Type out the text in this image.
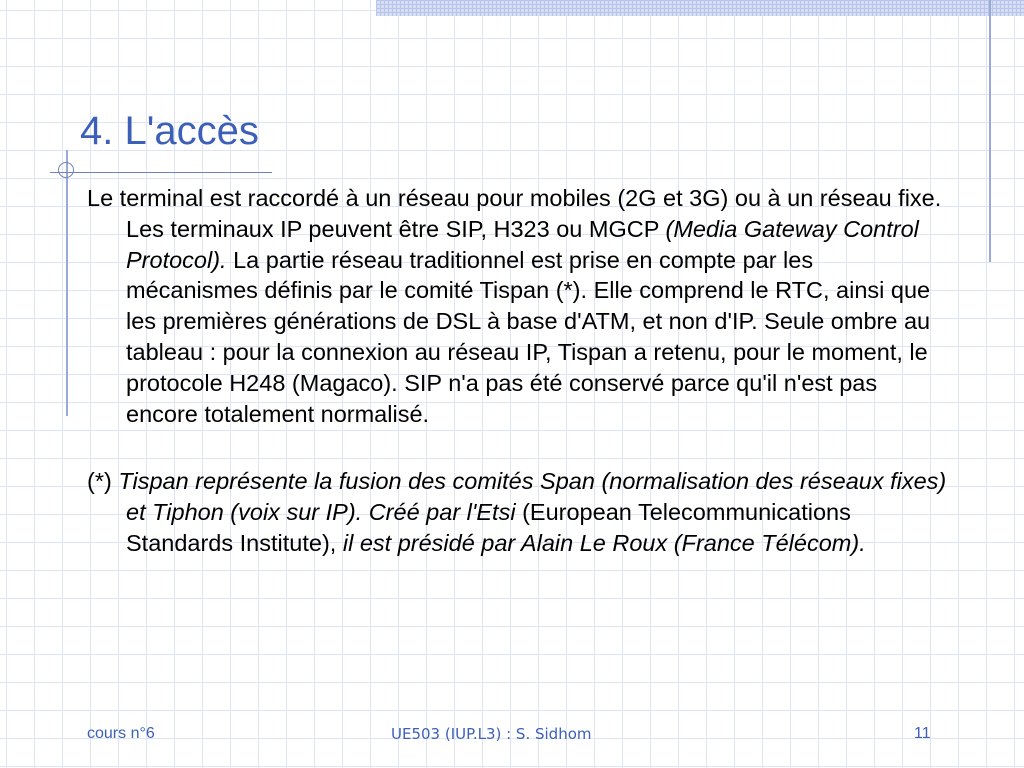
4. L'accès

Le terminal est raccordé à un réseau pour mobiles (2G et 3G) ou à un réseau fixe. Les terminaux IP peuvent être SIP, H323 ou MGCP (Media Gateway Control Protocol). La partie réseau traditionnel est prise en compte par les mécanismes définis par le comité Tispan (*). Elle comprend le RTC, ainsi que les premières générations de DSL à base d'ATM, et non d'IP. Seule ombre au tableau : pour la connexion au réseau IP, Tispan a retenu, pour le moment, le protocole H248 (Magaco). SIP n'a pas été conservé parce qu'il n'est pas encore totalement normalisé.

(*) Tispan représente la fusion des comités Span (normalisation des réseaux fixes) et Tiphon (voix sur IP). Créé par l'Etsi (European Telecommunications Standards Institute), il est présidé par Alain Le Roux (France Télécom).

cours n°6	UE503 (IUP.L3) : S. Sidhom	11
